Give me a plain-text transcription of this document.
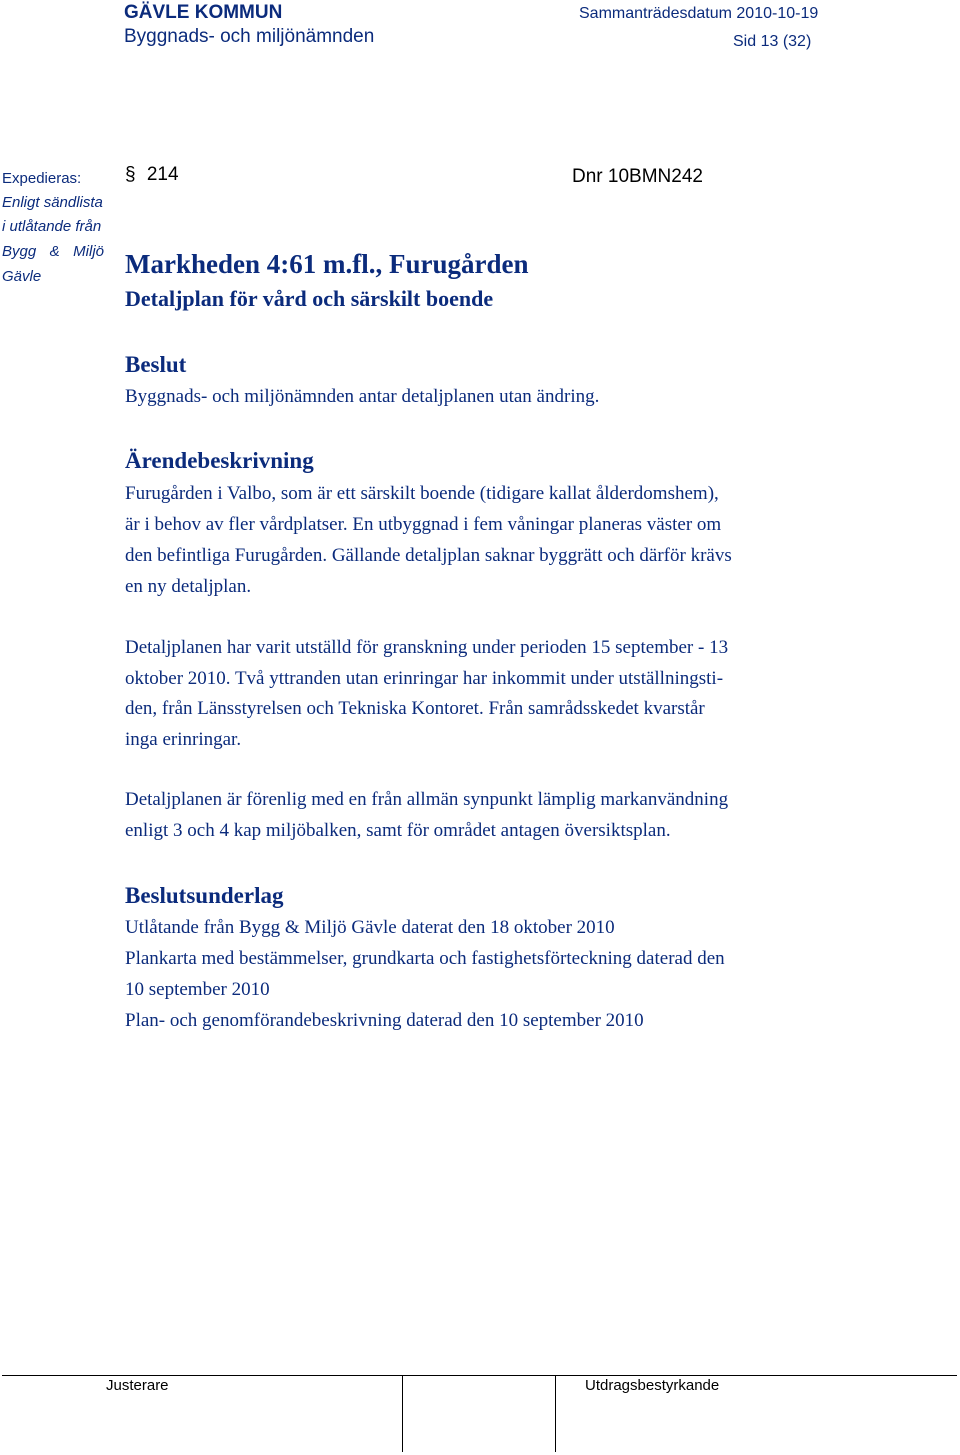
GÄVLE KOMMUN
Byggnads- och miljönämnden
Sammanträdesdatum 2010-10-19
Sid 13 (32)
Expedieras:
Enligt sändlista
i utlåtande från
Bygg & Miljö
Gävle
§ 214	Dnr 10BMN242
Markheden 4:61 m.fl., Furugården
Detaljplan för vård och särskilt boende
Beslut
Byggnads- och miljönämnden antar detaljplanen utan ändring.
Ärendebeskrivning
Furugården i Valbo, som är ett särskilt boende (tidigare kallat ålderdomshem),
är i behov av fler vårdplatser. En utbyggnad i fem våningar planeras väster om
den befintliga Furugården. Gällande detaljplan saknar byggrätt och därför krävs
en ny detaljplan.
Detaljplanen har varit utställd för granskning under perioden 15 september - 13
oktober 2010. Två yttranden utan erinringar har inkommit under utställningsti-
den, från Länsstyrelsen och Tekniska Kontoret. Från samrådsskedet kvarstår
inga erinringar.
Detaljplanen är förenlig med en från allmän synpunkt lämplig markanvändning
enligt 3 och 4 kap miljöbalken, samt för området antagen översiktsplan.
Beslutsunderlag
Utlåtande från Bygg & Miljö Gävle daterat den 18 oktober 2010
Plankarta med bestämmelser, grundkarta och fastighetsförteckning daterad den
10 september 2010
Plan- och genomförandebeskrivning daterad den 10 september 2010
Justerare	Utdragsbestyrkande
